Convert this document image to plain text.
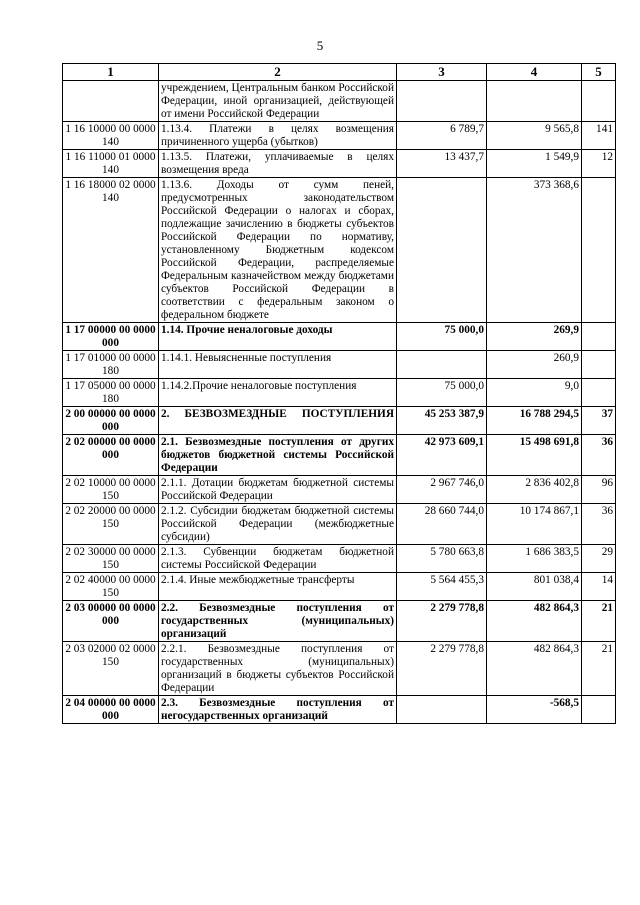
5
1	2	3	4	5
	учреждением, Центральным банком Российской Федерации, иной организацией, действующей от имени Российской Федерации			
1 16 10000 00 0000 140	1.13.4. Платежи в целях возмещения причиненного ущерба (убытков)	6 789,7	9 565,8	141
1 16 11000 01 0000 140	1.13.5. Платежи, уплачиваемые в целях возмещения вреда	13 437,7	1 549,9	12
1 16 18000 02 0000 140	1.13.6. Доходы от сумм пеней, предусмотренных законодательством Российской Федерации о налогах и сборах, подлежащие зачислению в бюджеты субъектов Российской Федерации по нормативу, установленному Бюджетным кодексом Российской Федерации, распределяемые Федеральным казначейством между бюджетами субъектов Российской Федерации в соответствии с федеральным законом о федеральном бюджете		373 368,6	
1 17 00000 00 0000 000	1.14. Прочие неналоговые доходы	75 000,0	269,9	
1 17 01000 00 0000 180	1.14.1. Невыясненные поступления		260,9	
1 17 05000 00 0000 180	1.14.2.Прочие неналоговые поступления	75 000,0	9,0	
2 00 00000 00 0000 000	2. БЕЗВОЗМЕЗДНЫЕ ПОСТУПЛЕНИЯ	45 253 387,9	16 788 294,5	37
2 02 00000 00 0000 000	2.1. Безвозмездные поступления от других бюджетов бюджетной системы Российской Федерации	42 973 609,1	15 498 691,8	36
2 02 10000 00 0000 150	2.1.1. Дотации бюджетам бюджетной системы Российской Федерации	2 967 746,0	2 836 402,8	96
2 02 20000 00 0000 150	2.1.2. Субсидии бюджетам бюджетной системы Российской Федерации (межбюджетные субсидии)	28 660 744,0	10 174 867,1	36
2 02 30000 00 0000 150	2.1.3. Субвенции бюджетам бюджетной системы Российской Федерации	5 780 663,8	1 686 383,5	29
2 02 40000 00 0000 150	2.1.4. Иные межбюджетные трансферты	5 564 455,3	801 038,4	14
2 03 00000 00 0000 000	2.2. Безвозмездные поступления от государственных (муниципальных) организаций	2 279 778,8	482 864,3	21
2 03 02000 02 0000 150	2.2.1. Безвозмездные поступления от государственных (муниципальных) организаций в бюджеты субъектов Российской Федерации	2 279 778,8	482 864,3	21
2 04 00000 00 0000 000	2.3. Безвозмездные поступления от негосударственных организаций		-568,5	
